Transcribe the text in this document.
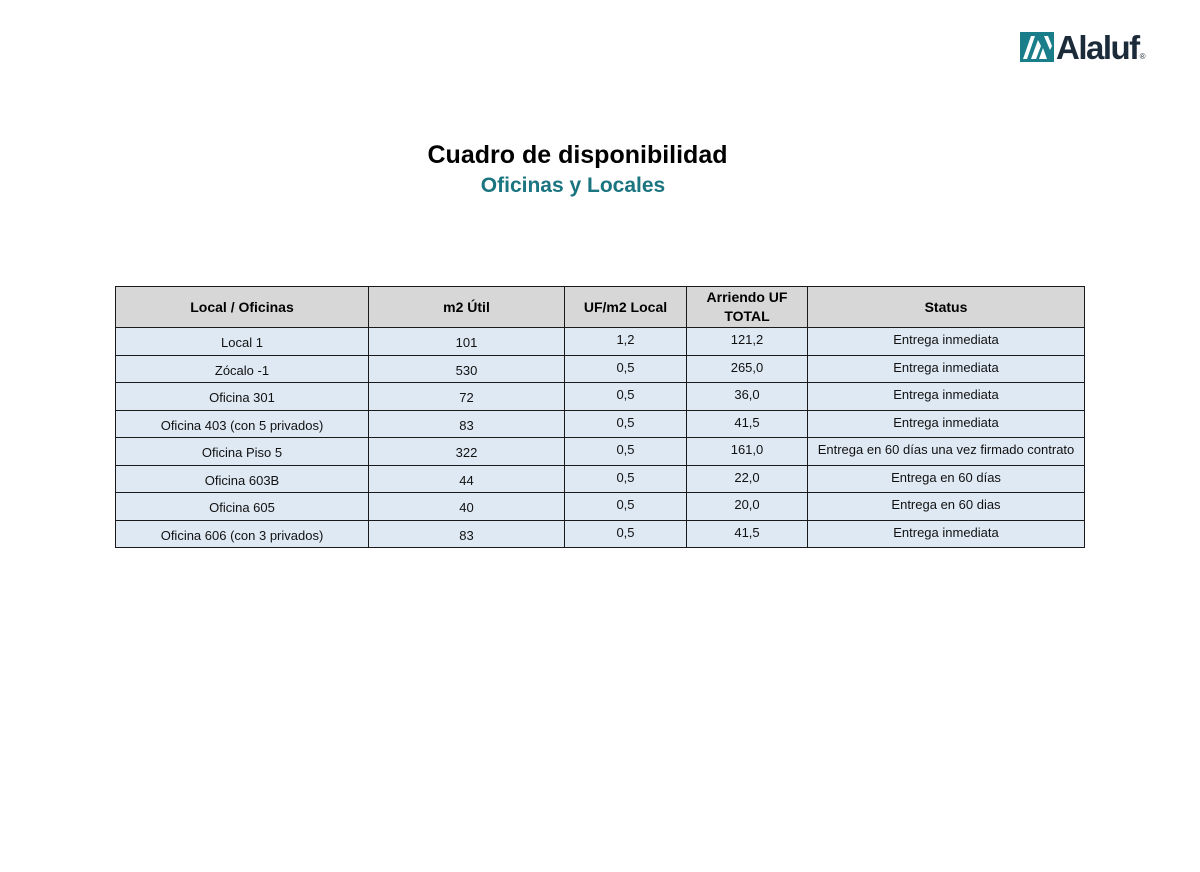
Alaluf ®
Cuadro de disponibilidad
Oficinas y Locales
Local / Oficinas	m2 Útil	UF/m2 Local	Arriendo UF TOTAL	Status
Local 1	101	1,2	121,2	Entrega inmediata
Zócalo -1	530	0,5	265,0	Entrega inmediata
Oficina 301	72	0,5	36,0	Entrega inmediata
Oficina 403 (con 5 privados)	83	0,5	41,5	Entrega inmediata
Oficina Piso 5	322	0,5	161,0	Entrega en 60 días una vez firmado contrato
Oficina 603B	44	0,5	22,0	Entrega en 60 días
Oficina 605	40	0,5	20,0	Entrega en 60 dias
Oficina 606 (con 3 privados)	83	0,5	41,5	Entrega inmediata
